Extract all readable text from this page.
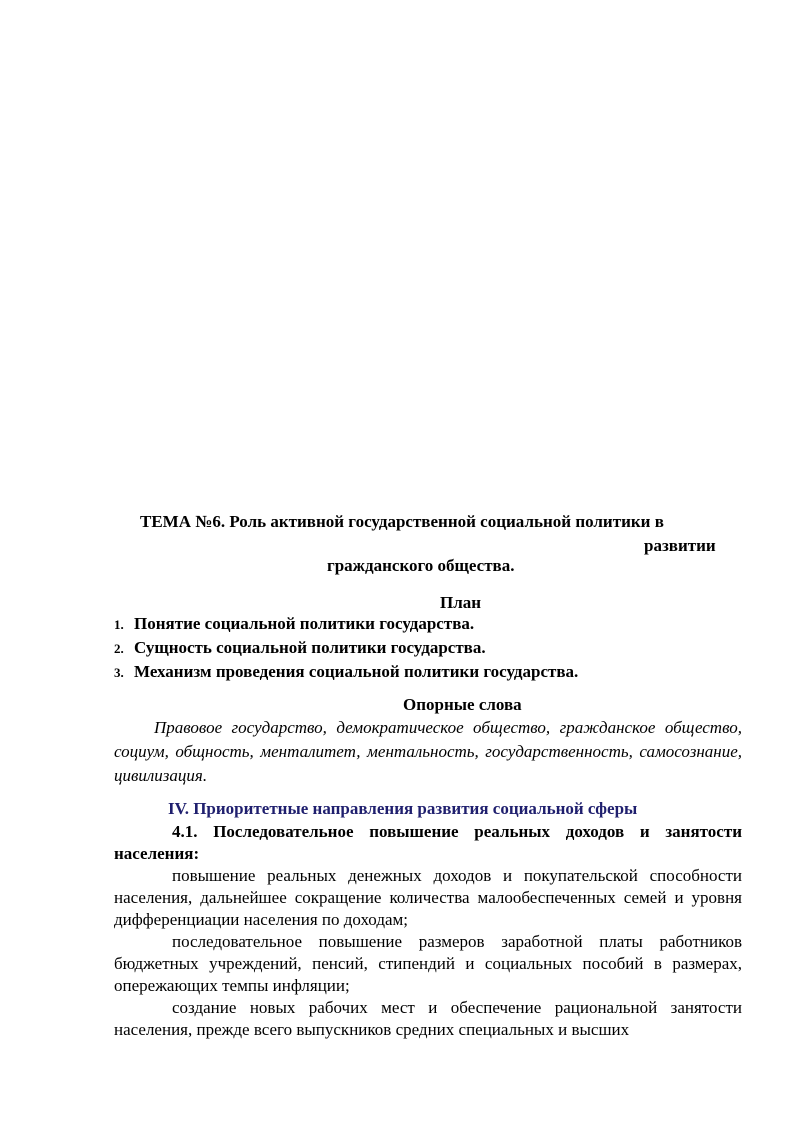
ТЕМА №6. Роль активной государственной социальной политики в
развитии
гражданского общества.
План
1. Понятие социальной политики государства.
2. Сущность социальной политики государства.
3. Механизм проведения социальной политики государства.
Опорные слова
Правовое государство, демократическое общество, гражданское общество, социум, общность, менталитет, ментальность, государственность, самосознание, цивилизация.
IV. Приоритетные направления развития социальной сферы
4.1. Последовательное повышение реальных доходов и занятости населения:
повышение реальных денежных доходов и покупательской способности населения, дальнейшее сокращение количества малообеспеченных семей и уровня дифференциации населения по доходам;
последовательное повышение размеров заработной платы работников бюджетных учреждений, пенсий, стипендий и социальных пособий в размерах, опережающих темпы инфляции;
создание новых рабочих мест и обеспечение рациональной занятости населения, прежде всего выпускников средних специальных и высших
